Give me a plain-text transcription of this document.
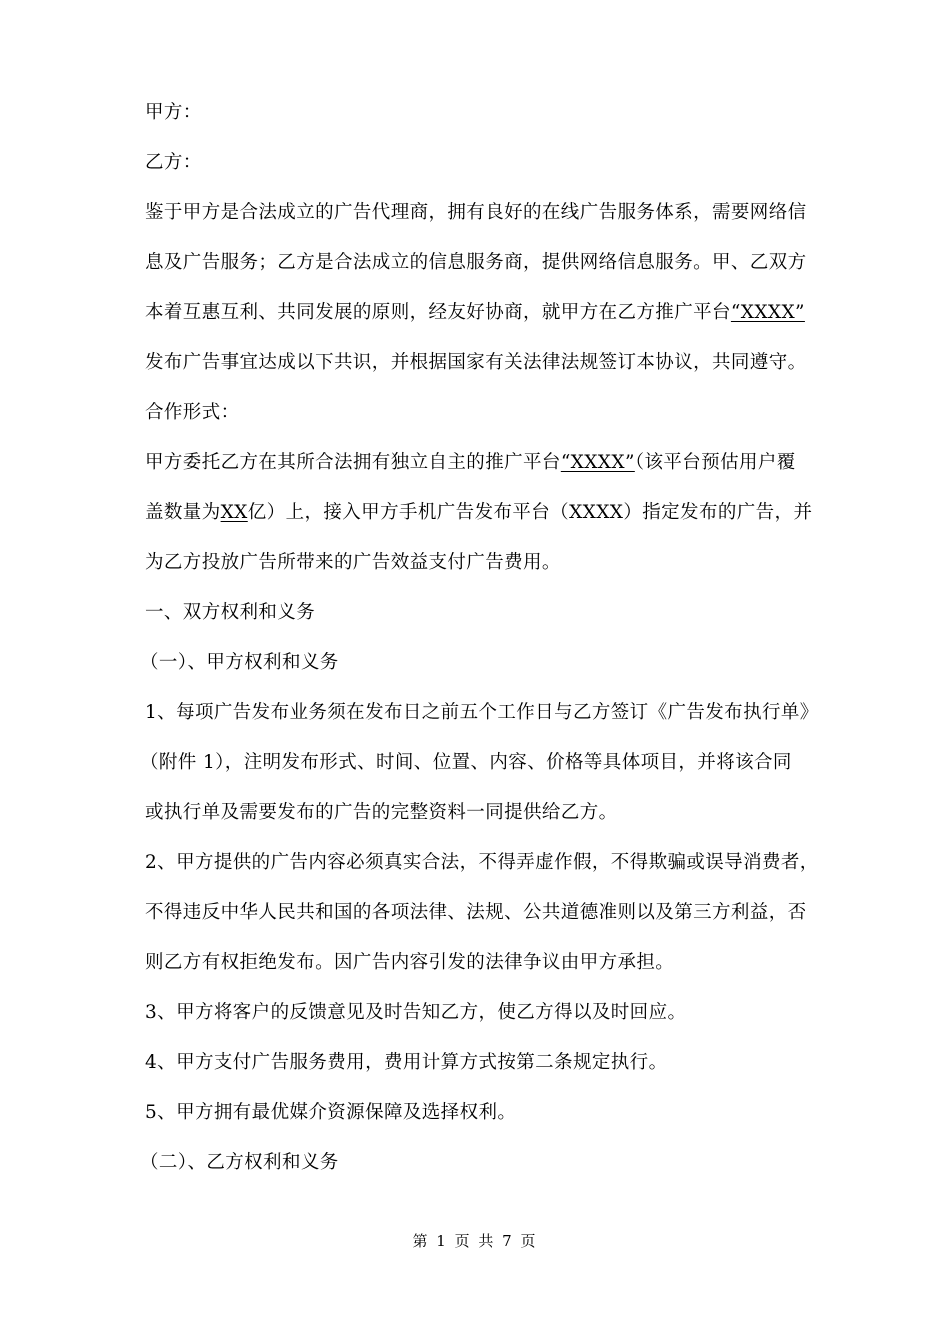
甲方：
乙方：
鉴于甲方是合法成立的广告代理商，拥有良好的在线广告服务体系，需要网络信
息及广告服务；乙方是合法成立的信息服务商，提供网络信息服务。甲、乙双方
本着互惠互利、共同发展的原则，经友好协商，就甲方在乙方推广平台“XXXX”
发布广告事宜达成以下共识，并根据国家有关法律法规签订本协议，共同遵守。
合作形式：
甲方委托乙方在其所合法拥有独立自主的推广平台“XXXX”（该平台预估用户覆
盖数量为XX亿）上，接入甲方手机广告发布平台（XXXX）指定发布的广告，并
为乙方投放广告所带来的广告效益支付广告费用。
一、双方权利和义务
（一）、甲方权利和义务
1、每项广告发布业务须在发布日之前五个工作日与乙方签订《广告发布执行单》
（附件 1），注明发布形式、时间、位置、内容、价格等具体项目，并将该合同
或执行单及需要发布的广告的完整资料一同提供给乙方。
2、甲方提供的广告内容必须真实合法，不得弄虚作假，不得欺骗或误导消费者，
不得违反中华人民共和国的各项法律、法规、公共道德准则以及第三方利益，否
则乙方有权拒绝发布。因广告内容引发的法律争议由甲方承担。
3、甲方将客户的反馈意见及时告知乙方，使乙方得以及时回应。
4、甲方支付广告服务费用，费用计算方式按第二条规定执行。
5、甲方拥有最优媒介资源保障及选择权利。
（二）、乙方权利和义务
第 1 页 共 7 页
